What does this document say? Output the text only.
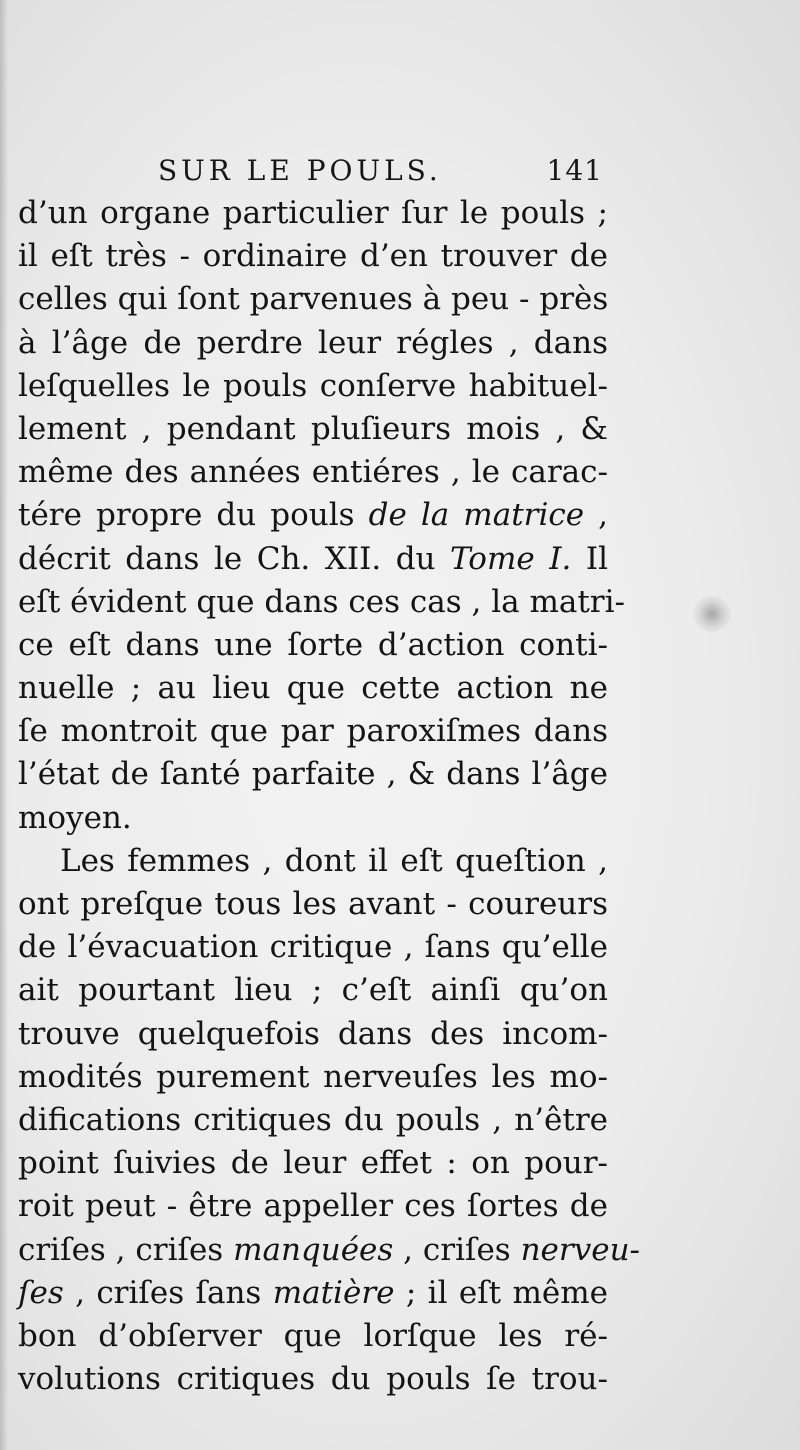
SUR LE POULS.	141
d’un organe particulier ſur le pouls ;
il eſt très - ordinaire d’en trouver de
celles qui ſont parvenues à peu - près
à l’âge de perdre leur régles , dans
leſquelles le pouls conſerve habituel-
lement , pendant pluſieurs mois , &
même des années entiéres , le carac-
tére propre du pouls de la matrice ,
décrit dans le Ch. XII. du Tome I. Il
eſt évident que dans ces cas , la matri-
ce eſt dans une ſorte d’action conti-
nuelle ; au lieu que cette action ne
ſe montroit que par paroxiſmes dans
l’état de ſanté parfaite , & dans l’âge
moyen.
Les femmes , dont il eſt queſtion ,
ont preſque tous les avant - coureurs
de l’évacuation critique , ſans qu’elle
ait pourtant lieu ; c’eſt ainſi qu’on
trouve quelquefois dans des incom-
modités purement nerveuſes les mo-
difications critiques du pouls , n’être
point ſuivies de leur effet : on pour-
roit peut - être appeller ces ſortes de
criſes , criſes manquées , criſes nerveu-
ſes , criſes ſans matière ; il eſt même
bon d’obſerver que lorſque les ré-
volutions critiques du pouls ſe trou-
